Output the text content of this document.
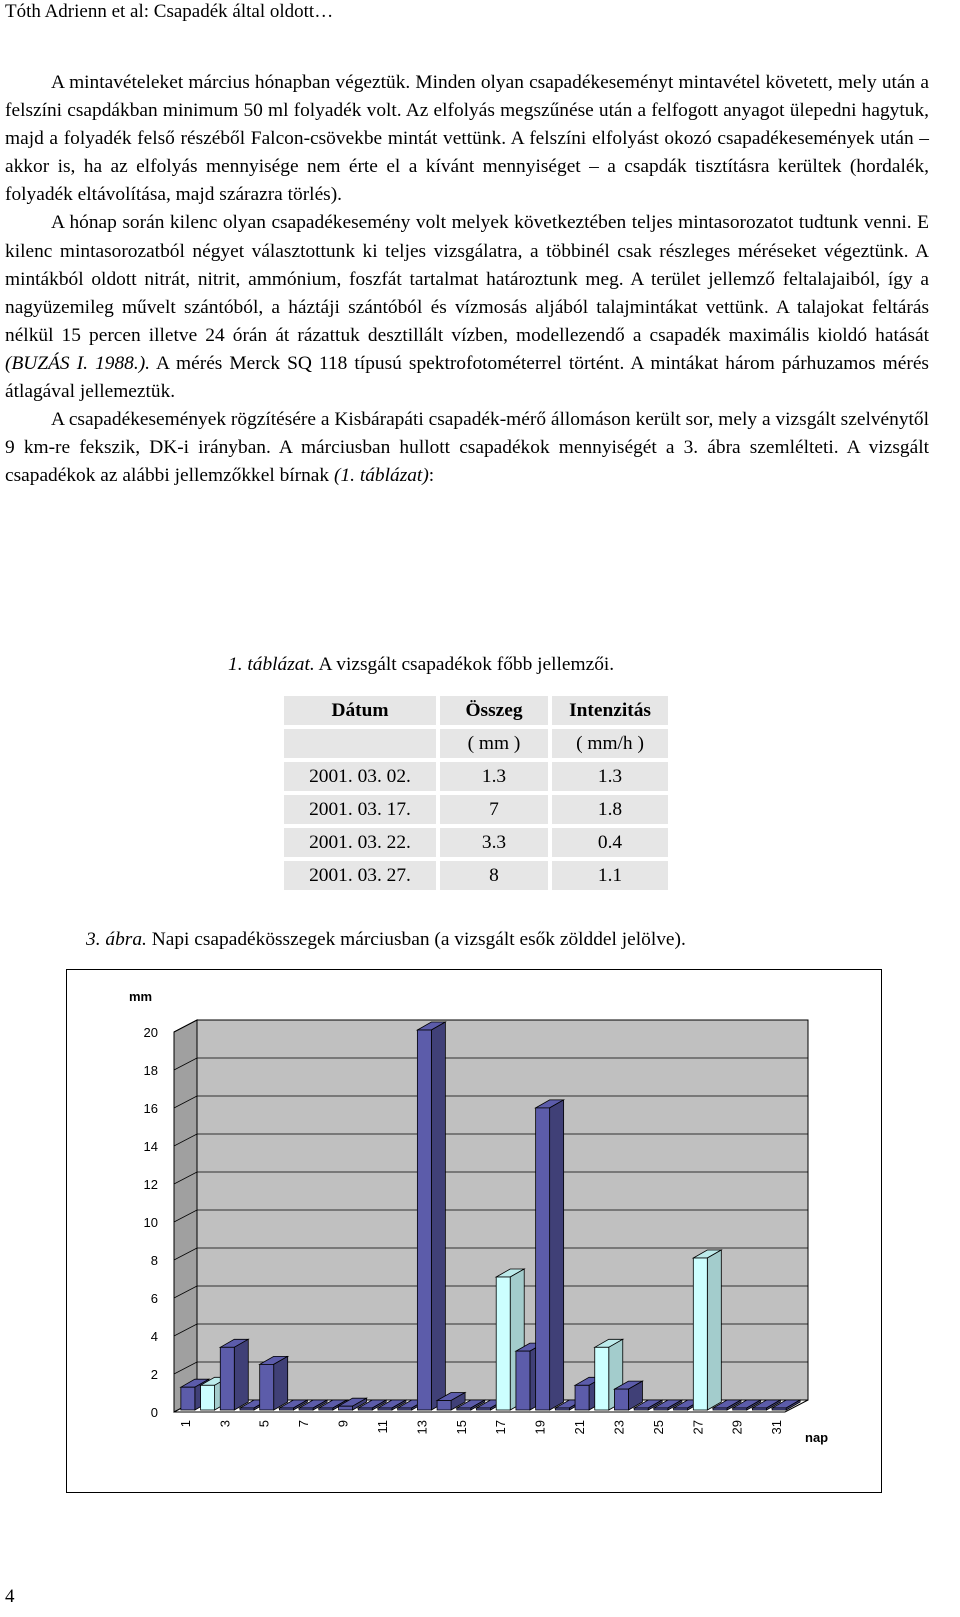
Tóth Adrienn et al: Csapadék által oldott…

A mintavételeket március hónapban végeztük. Minden olyan csapadékeseményt mintavétel követett, mely után a felszíni csapdákban minimum 50 ml folyadék volt. Az elfolyás megszűnése után a felfogott anyagot ülepedni hagytuk, majd a folyadék felső részéből Falcon-csövekbe mintát vettünk. A felszíni elfolyást okozó csapadékesemények után – akkor is, ha az elfolyás mennyisége nem érte el a kívánt mennyiséget – a csapdák tisztításra kerültek (hordalék, folyadék eltávolítása, majd szárazra törlés).

A hónap során kilenc olyan csapadékesemény volt melyek következtében teljes mintasorozatot tudtunk venni. E kilenc mintasorozatból négyet választottunk ki teljes vizsgálatra, a többinél csak részleges méréseket végeztünk. A mintákból oldott nitrát, nitrit, ammónium, foszfát tartalmat határoztunk meg. A terület jellemző feltalajaiból, így a nagyüzemileg művelt szántóból, a háztáji szántóból és vízmosás aljából talajmintákat vettünk. A talajokat feltárás nélkül 15 percen illetve 24 órán át rázattuk desztillált vízben, modellezendő a csapadék maximális kioldó hatását (BUZÁS I. 1988.). A mérés Merck SQ 118 típusú spektrofotométerrel történt. A mintákat három párhuzamos mérés átlagával jellemeztük.

A csapadékesemények rögzítésére a Kisbárapáti csapadék-mérő állomáson került sor, mely a vizsgált szelvénytől 9 km-re fekszik, DK-i irányban. A márciusban hullott csapadékok mennyiségét a 3. ábra szemlélteti. A vizsgált csapadékok az alábbi jellemzőkkel bírnak (1. táblázat):

1. táblázat. A vizsgált csapadékok főbb jellemzői.
Dátum	Összeg	Intenzitás
	( mm )	( mm/h )
2001. 03. 02.	1.3	1.3
2001. 03. 17.	7	1.8
2001. 03. 22.	3.3	0.4
2001. 03. 27.	8	1.1
3. ábra. Napi csapadékösszegek márciusban (a vizsgált esők zölddel jelölve).
0
2
4
6
8
10
12
14
16
18
20
mm
nap
1 3 5 7 9 11 13 15 17 19 21 23 25 27 29 31
4
